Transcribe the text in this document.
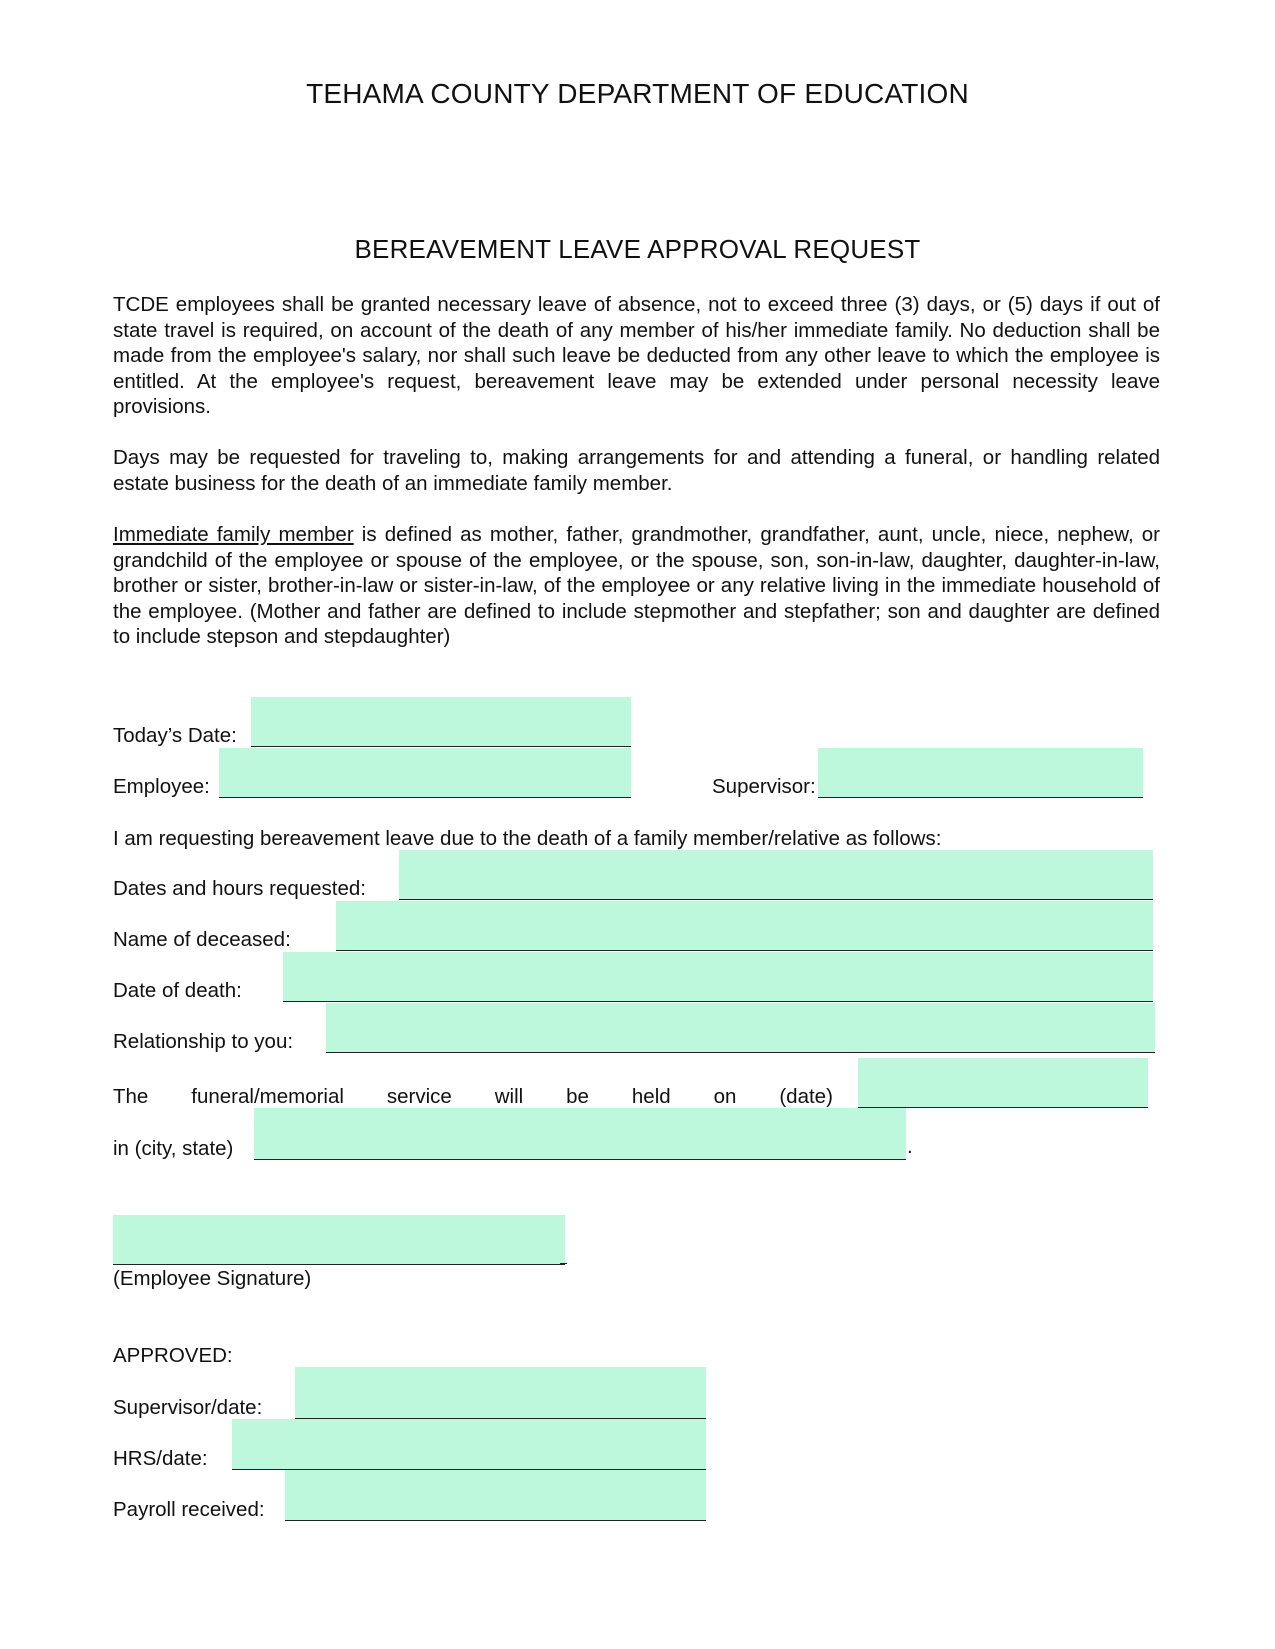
TEHAMA COUNTY DEPARTMENT OF EDUCATION
BEREAVEMENT LEAVE APPROVAL REQUEST

TCDE employees shall be granted necessary leave of absence, not to exceed three (3) days, or (5) days if out of state travel is required, on account of the death of any member of his/her immediate family. No deduction shall be made from the employee's salary, nor shall such leave be deducted from any other leave to which the employee is entitled. At the employee's request, bereavement leave may be extended under personal necessity leave provisions.

Days may be requested for traveling to, making arrangements for and attending a funeral, or handling related estate business for the death of an immediate family member.

Immediate family member is defined as mother, father, grandmother, grandfather, aunt, uncle, niece, nephew, or grandchild of the employee or spouse of the employee, or the spouse, son, son-in-law, daughter, daughter-in-law, brother or sister, brother-in-law or sister-in-law, of the employee or any relative living in the immediate household of the employee. (Mother and father are defined to include stepmother and stepfather; son and daughter are defined to include stepson and stepdaughter)

Today’s Date:
Employee:	Supervisor:
I am requesting bereavement leave due to the death of a family member/relative as follows:
Dates and hours requested:
Name of deceased:
Date of death:
Relationship to you:
The funeral/memorial service will be held on (date)
in (city, state)	.
(Employee Signature)
APPROVED:
Supervisor/date:
HRS/date:
Payroll received:
